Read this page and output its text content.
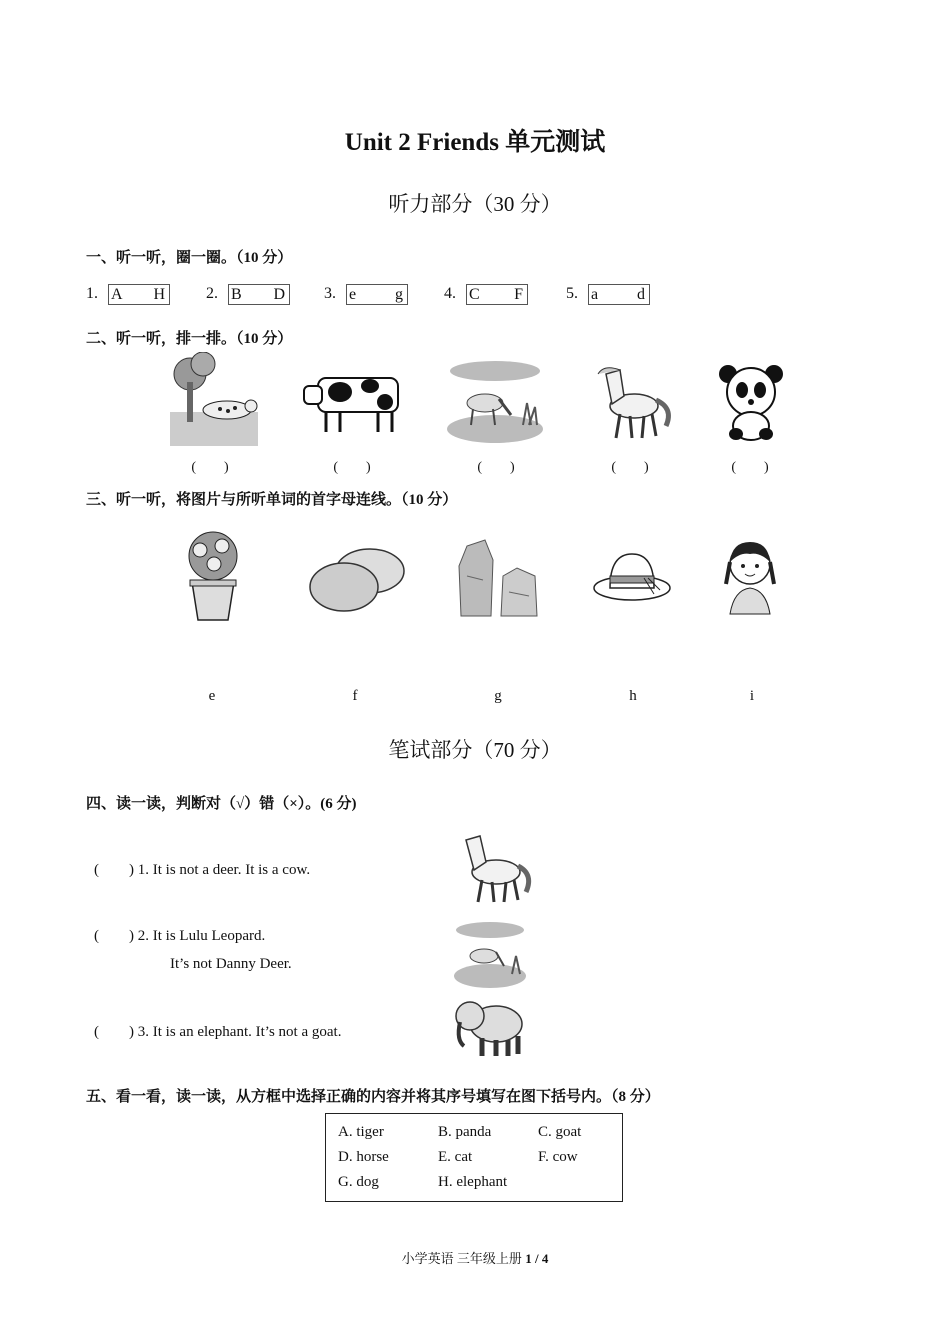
Unit 2 Friends 单元测试
听力部分（30 分）
一、听一听，圈一圈。（10 分）
1. A H	2. B D 3. e g	4. C F	5. a d
二、听一听，排一排。（10 分）
(　　)	(　　)	(　　)	(　　)	(　　)
三、听一听，将图片与所听单词的首字母连线。（10 分）
e	f	g	h	i
笔试部分（70 分）
四、读一读，判断对（√）错（×）。(6 分)
(　　) 1. It is not a deer. It is a cow.
(　　) 2. It is Lulu Leopard.
It’s not Danny Deer.
(　　) 3. It is an elephant. It’s not a goat.
五、看一看，读一读，从方框中选择正确的内容并将其序号填写在图下括号内。（8 分）
A. tiger	B. panda	C. goat
D. horse	E. cat	F. cow
G. dog	H. elephant
小学英语 三年级上册 1 / 4
